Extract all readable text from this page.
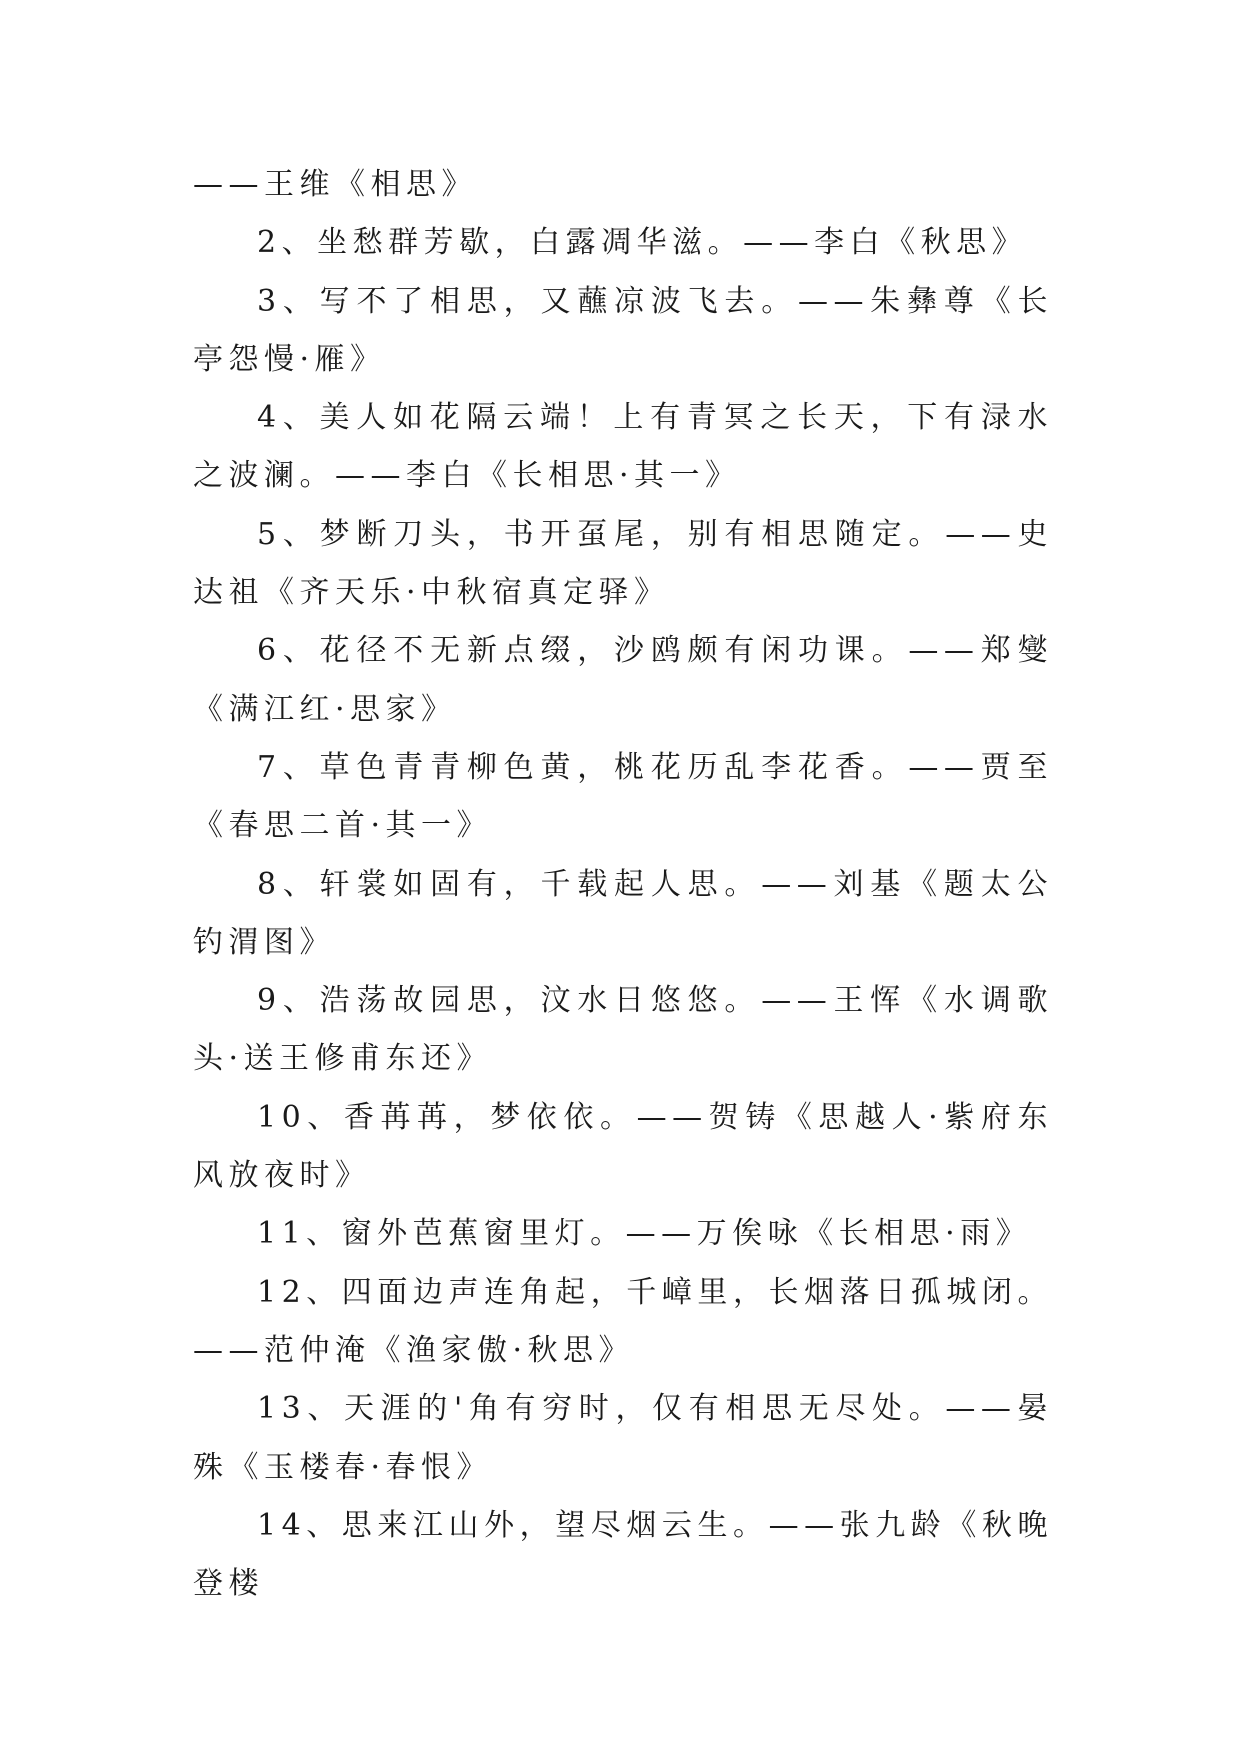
——王维《相思》

2、坐愁群芳歇，白露凋华滋。——李白《秋思》

3、写不了相思，又蘸凉波飞去。——朱彝尊《长亭怨慢·雁》

4、美人如花隔云端！上有青冥之长天，下有渌水之波澜。——李白《长相思·其一》

5、梦断刀头，书开虿尾，别有相思随定。——史达祖《齐天乐·中秋宿真定驿》

6、花径不无新点缀，沙鸥颇有闲功课。——郑燮《满江红·思家》

7、草色青青柳色黄，桃花历乱李花香。——贾至《春思二首·其一》

8、轩裳如固有，千载起人思。——刘基《题太公钓渭图》

9、浩荡故园思，汶水日悠悠。——王恽《水调歌头·送王修甫东还》

10、香苒苒，梦依依。——贺铸《思越人·紫府东风放夜时》

11、窗外芭蕉窗里灯。——万俟咏《长相思·雨》

12、四面边声连角起，千嶂里，长烟落日孤城闭。——范仲淹《渔家傲·秋思》

13、天涯的'角有穷时，仅有相思无尽处。——晏殊《玉楼春·春恨》

14、思来江山外，望尽烟云生。——张九龄《秋晚登楼
